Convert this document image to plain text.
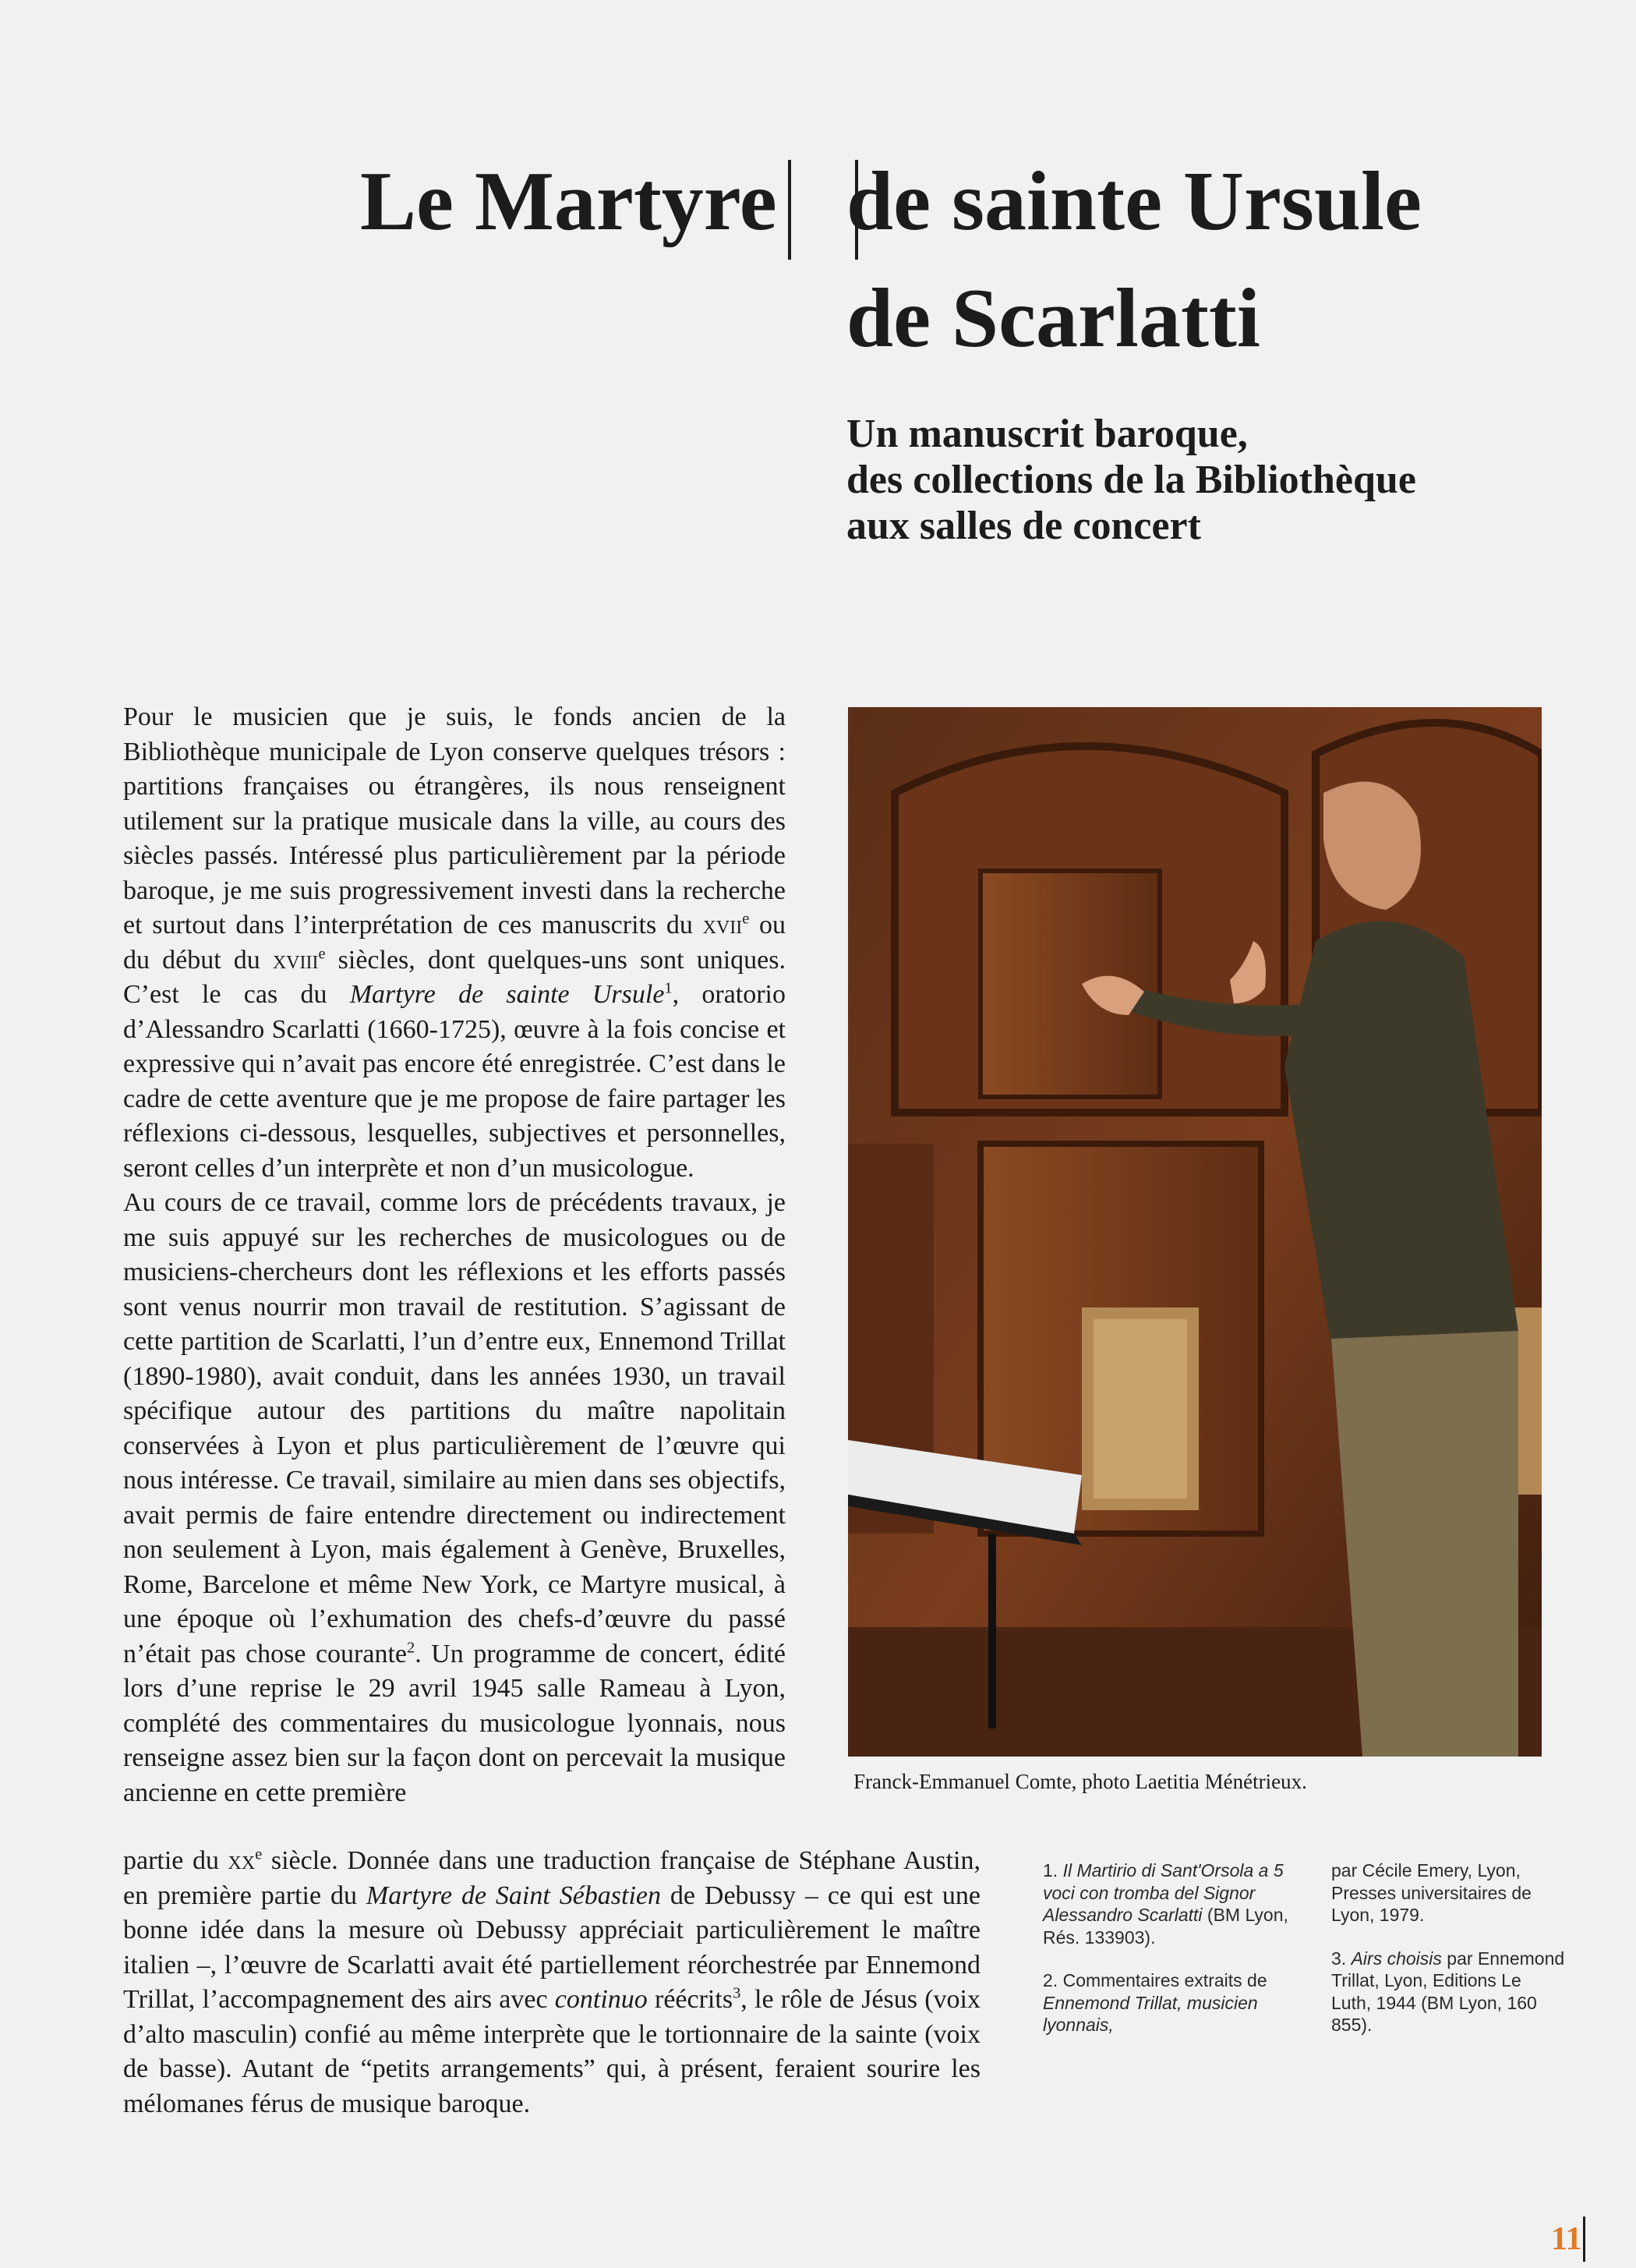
Le Martyre de sainte Ursule
de Scarlatti
Un manuscrit baroque,
des collections de la Bibliothèque
aux salles de concert

Pour le musicien que je suis, le fonds ancien de la Bibliothèque municipale de Lyon conserve quelques trésors : partitions françaises ou étrangères, ils nous renseignent utilement sur la pratique musicale dans la ville, au cours des siècles passés. Intéressé plus particulièrement par la période baroque, je me suis progressivement investi dans la recherche et surtout dans l’interprétation de ces manuscrits du xvii$^e$ ou du début du xviii$^e$ siècles, dont quelques-uns sont uniques. C’est le cas du Martyre de sainte Ursule$^1$, oratorio d’Alessandro Scarlatti (1660-1725), œuvre à la fois concise et expressive qui n’avait pas encore été enregistrée. C’est dans le cadre de cette aventure que je me propose de faire partager les réflexions ci-dessous, lesquelles, subjectives et personnelles, seront celles d’un interprète et non d’un musicologue.

Au cours de ce travail, comme lors de précédents travaux, je me suis appuyé sur les recherches de musicologues ou de musiciens-chercheurs dont les réflexions et les efforts passés sont venus nourrir mon travail de restitution. S’agissant de cette partition de Scarlatti, l’un d’entre eux, Ennemond Trillat (1890-1980), avait conduit, dans les années 1930, un travail spécifique autour des partitions du maître napolitain conservées à Lyon et plus particulièrement de l’œuvre qui nous intéresse. Ce travail, similaire au mien dans ses objectifs, avait permis de faire entendre directement ou indirectement non seulement à Lyon, mais également à Genève, Bruxelles, Rome, Barcelone et même New York, ce Martyre musical, à une époque où l’exhumation des chefs-d’œuvre du passé n’était pas chose courante$^2$. Un programme de concert, édité lors d’une reprise le 29 avril 1945 salle Rameau à Lyon, complété des commentaires du musicologue lyonnais, nous renseigne assez bien sur la façon dont on percevait la musique ancienne en cette première

partie du $xx^e$ siècle. Donnée dans une traduction française de Stéphane Austin, en première partie du Martyre de Saint Sébastien de Debussy – ce qui est une bonne idée dans la mesure où Debussy appréciait particulièrement le maître italien –, l’œuvre de Scarlatti avait été partiellement réorchestrée par Ennemond Trillat, l’accompagnement des airs avec continuo réécrits$^3$, le rôle de Jésus (voix d’alto masculin) confié au même interprète que le tortionnaire de la sainte (voix de basse). Autant de “petits arrangements” qui, à présent, feraient sourire les mélomanes férus de musique baroque.

Franck-Emmanuel Comte, photo Laetitia Ménétrieux.

1. Il Martirio di Sant'Orsola a 5 voci con tromba del Signor Alessandro Scarlatti (BM Lyon, Rés. 133903).

2. Commentaires extraits de Ennemond Trillat, musicien lyonnais,

par Cécile Emery, Lyon, Presses universitaires de Lyon, 1979.

3. Airs choisis par Ennemond Trillat, Lyon, Editions Le Luth, 1944 (BM Lyon, 160 855).

11
